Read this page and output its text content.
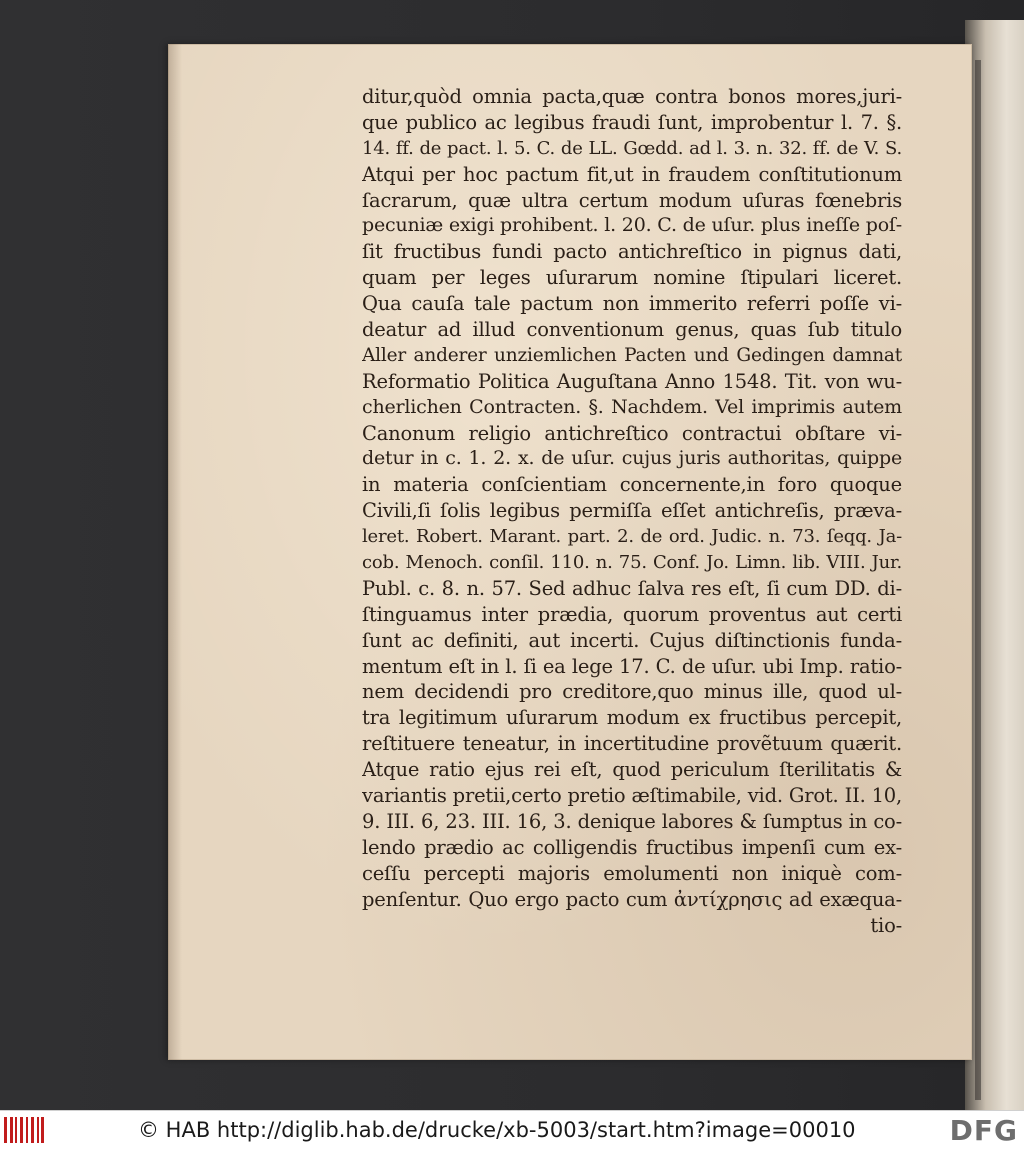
ditur,quòd omnia pacta,quæ contra bonos mores,juri-
que publico ac legibus fraudi ſunt, improbentur l. 7. §.
14. ff. de pact. l. 5. C. de LL. Gœdd. ad l. 3. n. 32. ff. de V. S.
Atqui per hoc pactum fit,ut in fraudem conſtitutionum
ſacrarum, quæ ultra certum modum uſuras fœnebris
pecuniæ exigi prohibent. l. 20. C. de uſur. plus ineſſe poſ-
ſit fructibus fundi pacto antichreſtico in pignus dati,
quam per leges uſurarum nomine ſtipulari liceret.
Qua cauſa tale pactum non immerito referri poſſe vi-
deatur ad illud conventionum genus, quas ſub titulo
Aller anderer unziemlichen Pacten und Gedingen damnat
Reformatio Politica Auguſtana Anno 1548. Tit. von wu-
cherlichen Contracten. §. Nachdem. Vel imprimis autem
Canonum religio antichreſtico contractui obſtare vi-
detur in c. 1. 2. x. de uſur. cujus juris authoritas, quippe
in materia conſcientiam concernente,in foro quoque
Civili,ſi ſolis legibus permiſſa eſſet antichreſis, præva-
leret. Robert. Marant. part. 2. de ord. Judic. n. 73. ſeqq. Ja-
cob. Menoch. conſil. 110. n. 75. Conf. Jo. Limn. lib. VIII. Jur.
Publ. c. 8. n. 57. Sed adhuc ſalva res eſt, ſi cum DD. di-
ſtinguamus inter prædia, quorum proventus aut certi
ſunt ac definiti, aut incerti. Cujus diſtinctionis funda-
mentum eſt in l. ſi ea lege 17. C. de uſur. ubi Imp. ratio-
nem decidendi pro creditore,quo minus ille, quod ul-
tra legitimum uſurarum modum ex fructibus percepit,
reſtituere teneatur, in incertitudine provẽtuum quærit.
Atque ratio ejus rei eſt, quod periculum ſterilitatis &
variantis pretii,certo pretio æſtimabile, vid. Grot. II. 10,
9. III. 6, 23. III. 16, 3. denique labores & ſumptus in co-
lendo prædio ac colligendis fructibus impenſi cum ex-
ceſſu percepti majoris emolumenti non iniquè com-
penſentur. Quo ergo pacto cum ἀντίχρησις ad exæqua-
tio-
© HAB http://diglib.hab.de/drucke/xb-5003/start.htm?image=00010	DFG
